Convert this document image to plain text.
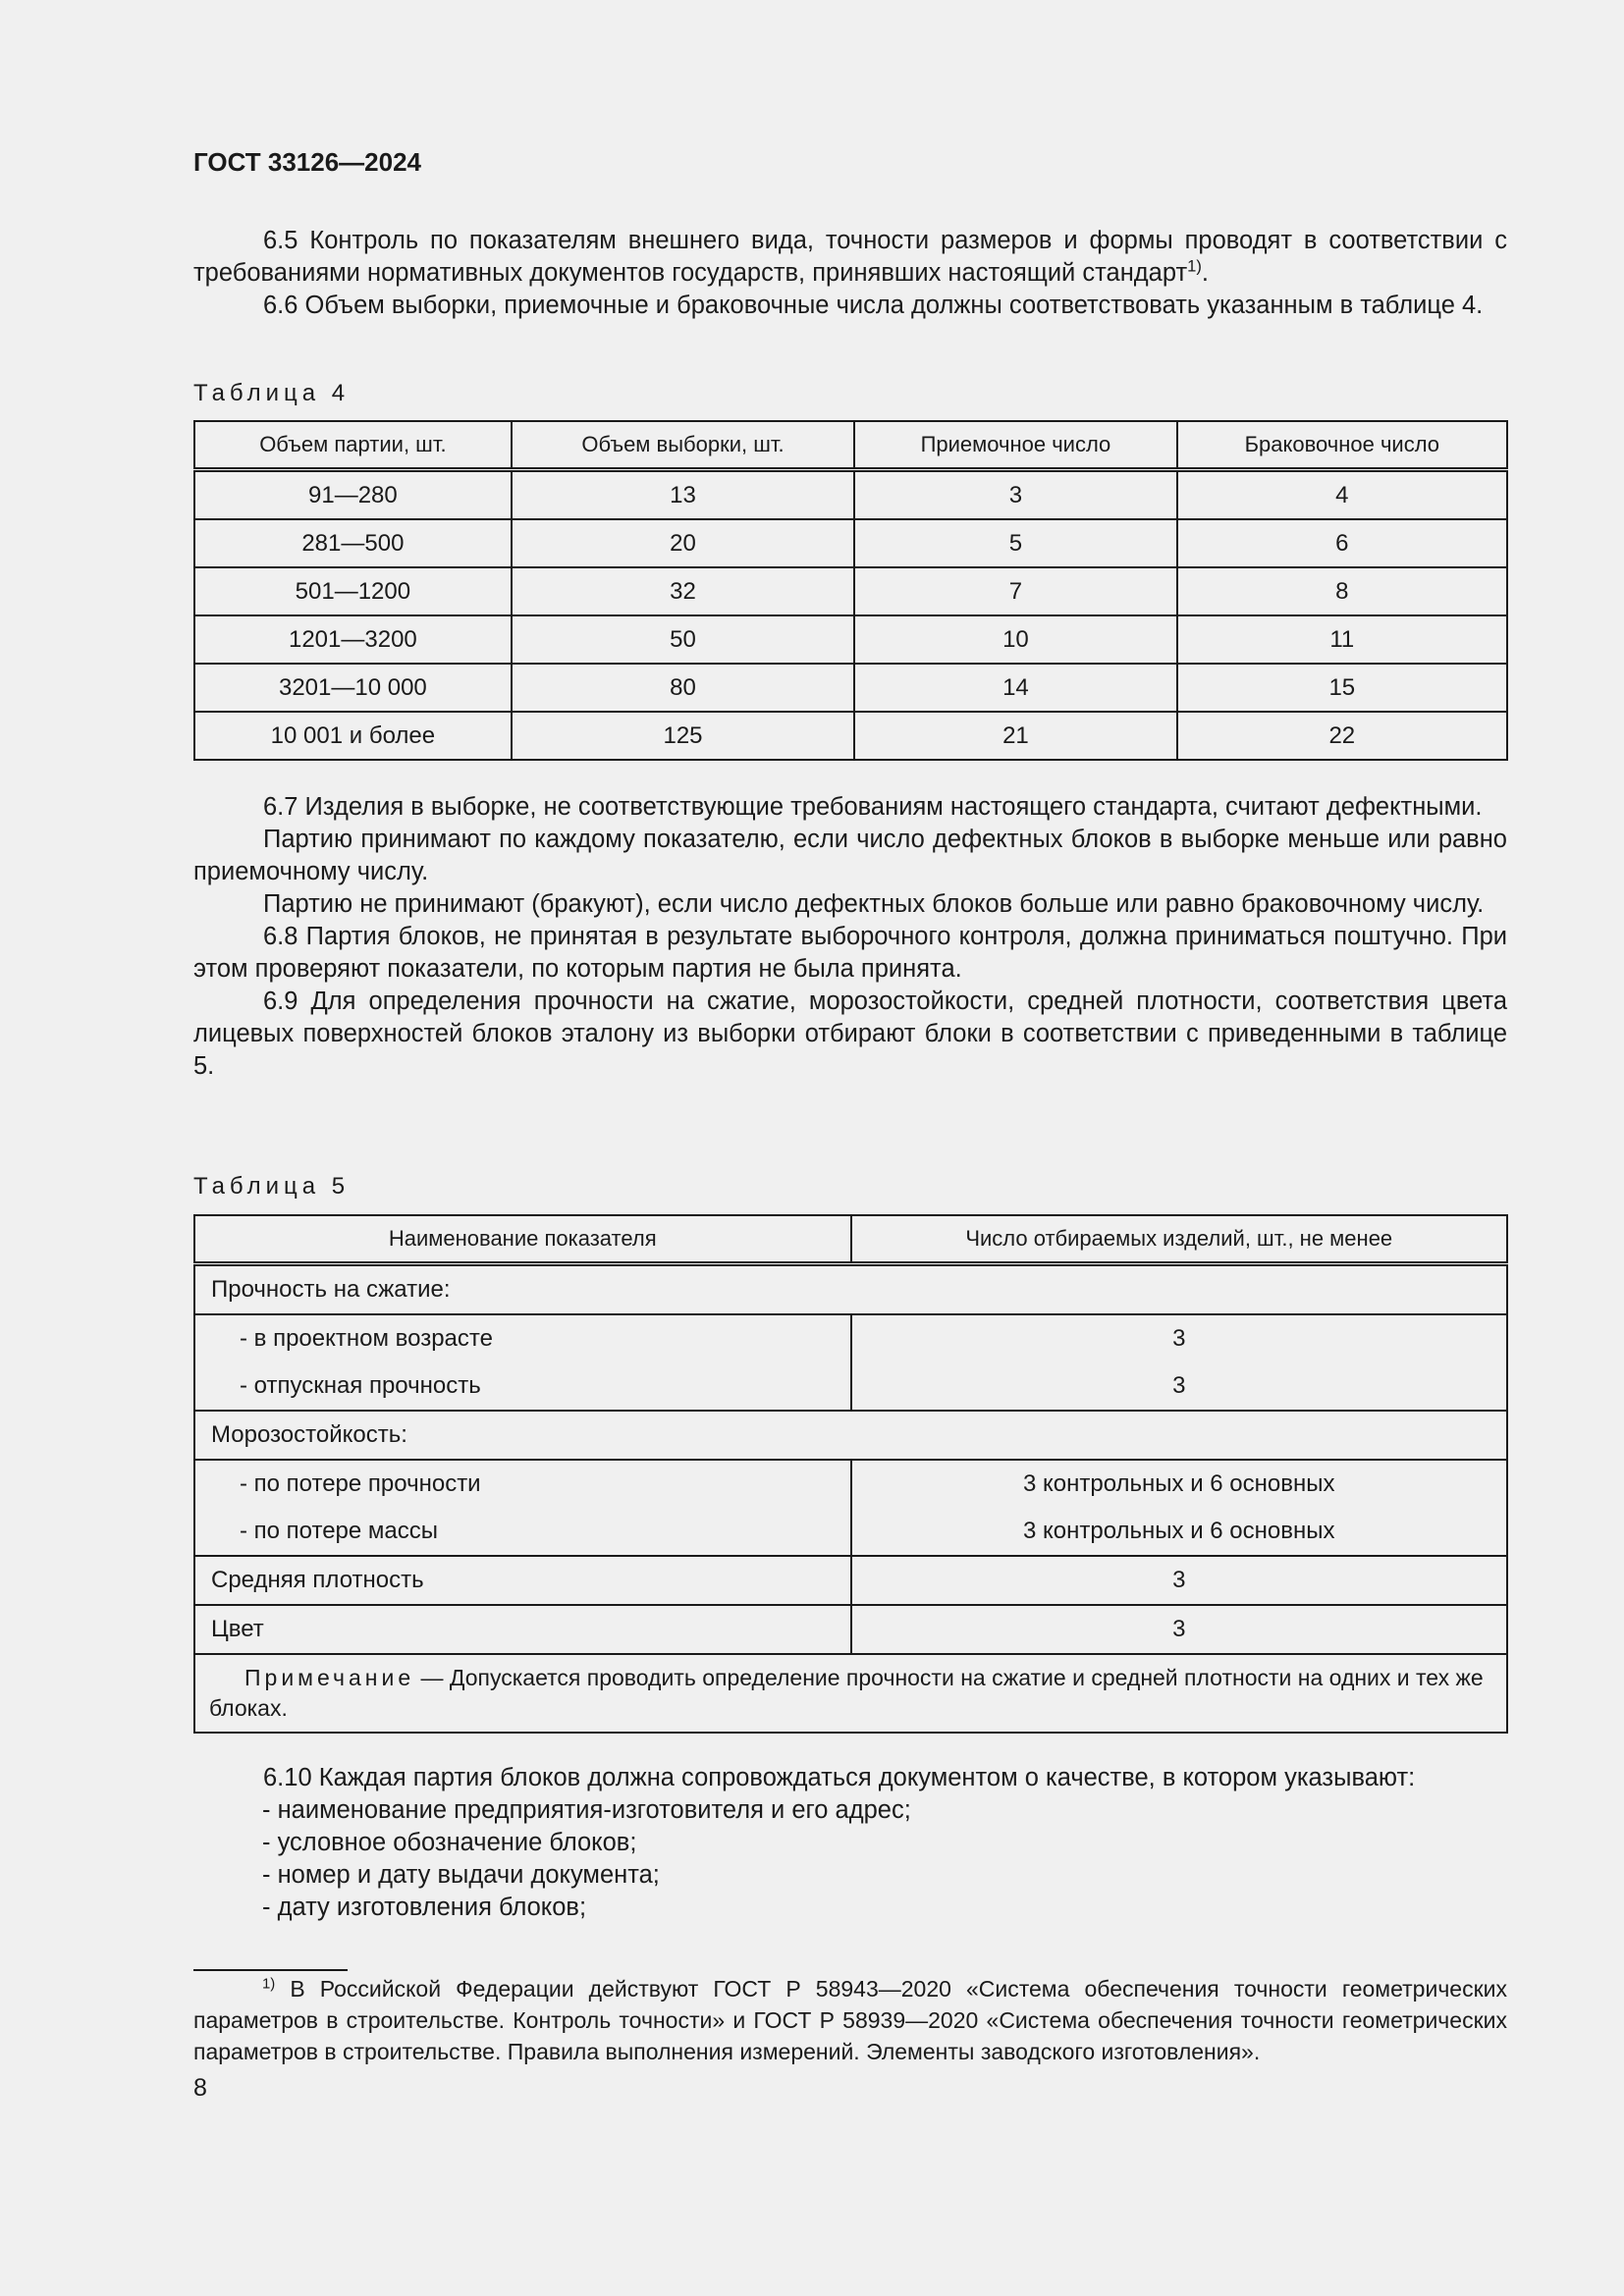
ГОСТ 33126—2024

6.5 Контроль по показателям внешнего вида, точности размеров и формы проводят в соответствии с требованиями нормативных документов государств, принявших настоящий стандарт$^{1)}$.

6.6 Объем выборки, приемочные и браковочные числа должны соответствовать указанным в таблице 4.

Таблица 4
Объем партии, шт.	Объем выборки, шт.	Приемочное число	Браковочное число
91—280	13	3	4
281—500	20	5	6
501—1200	32	7	8
1201—3200	50	10	11
3201—10 000	80	14	15
10 001 и более	125	21	22

6.7 Изделия в выборке, не соответствующие требованиям настоящего стандарта, считают дефектными.

Партию принимают по каждому показателю, если число дефектных блоков в выборке меньше или равно приемочному числу.

Партию не принимают (бракуют), если число дефектных блоков больше или равно браковочному числу.

6.8 Партия блоков, не принятая в результате выборочного контроля, должна приниматься поштучно. При этом проверяют показатели, по которым партия не была принята.

6.9 Для определения прочности на сжатие, морозостойкости, средней плотности, соответствия цвета лицевых поверхностей блоков эталону из выборки отбирают блоки в соответствии с приведенными в таблице 5.

Таблица 5
Наименование показателя	Число отбираемых изделий, шт., не менее
Прочность на сжатие:	
- в проектном возрасте	3
- отпускная прочность	3
Морозостойкость:	
- по потере прочности	3 контрольных и 6 основных
- по потере массы	3 контрольных и 6 основных
Средняя плотность	3
Цвет	3
Примечание — Допускается проводить определение прочности на сжатие и средней плотности на одних и тех же блоках.	

6.10 Каждая партия блоков должна сопровождаться документом о качестве, в котором указывают:

- наименование предприятия-изготовителя и его адрес;
- условное обозначение блоков;
- номер и дату выдачи документа;
- дату изготовления блоков;
$^{1)}$ В Российской Федерации действуют ГОСТ Р 58943—2020 «Система обеспечения точности геометрических параметров в строительстве. Контроль точности» и ГОСТ Р 58939—2020 «Система обеспечения точности геометрических параметров в строительстве. Правила выполнения измерений. Элементы заводского изготовления».
8
